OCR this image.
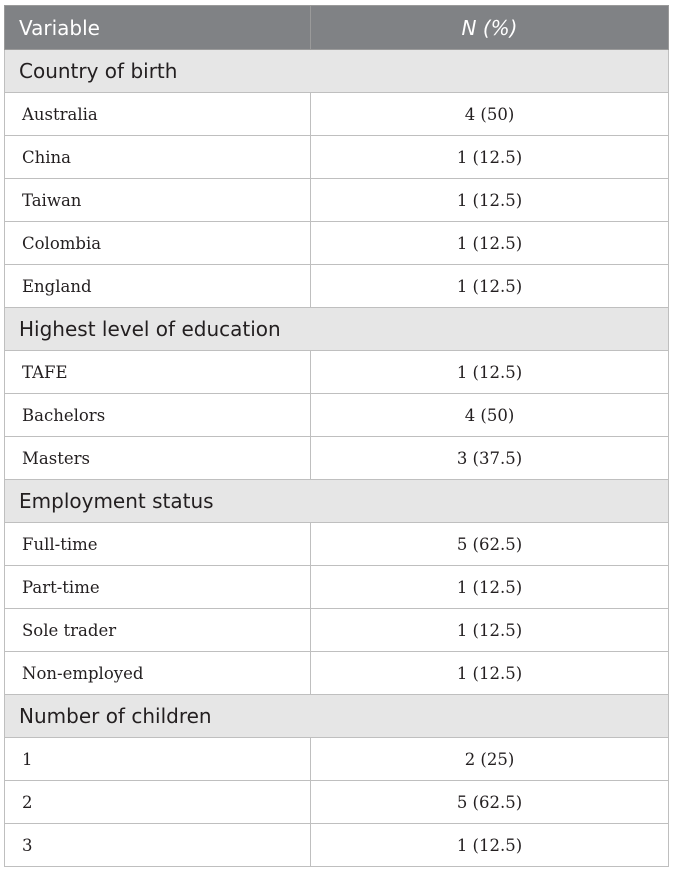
Variable	N (%)
Country of birth	
Australia	4 (50)
China	1 (12.5)
Taiwan	1 (12.5)
Colombia	1 (12.5)
England	1 (12.5)
Highest level of education	
TAFE	1 (12.5)
Bachelors	4 (50)
Masters	3 (37.5)
Employment status	
Full-time	5 (62.5)
Part-time	1 (12.5)
Sole trader	1 (12.5)
Non-employed	1 (12.5)
Number of children	
1	2 (25)
2	5 (62.5)
3	1 (12.5)
